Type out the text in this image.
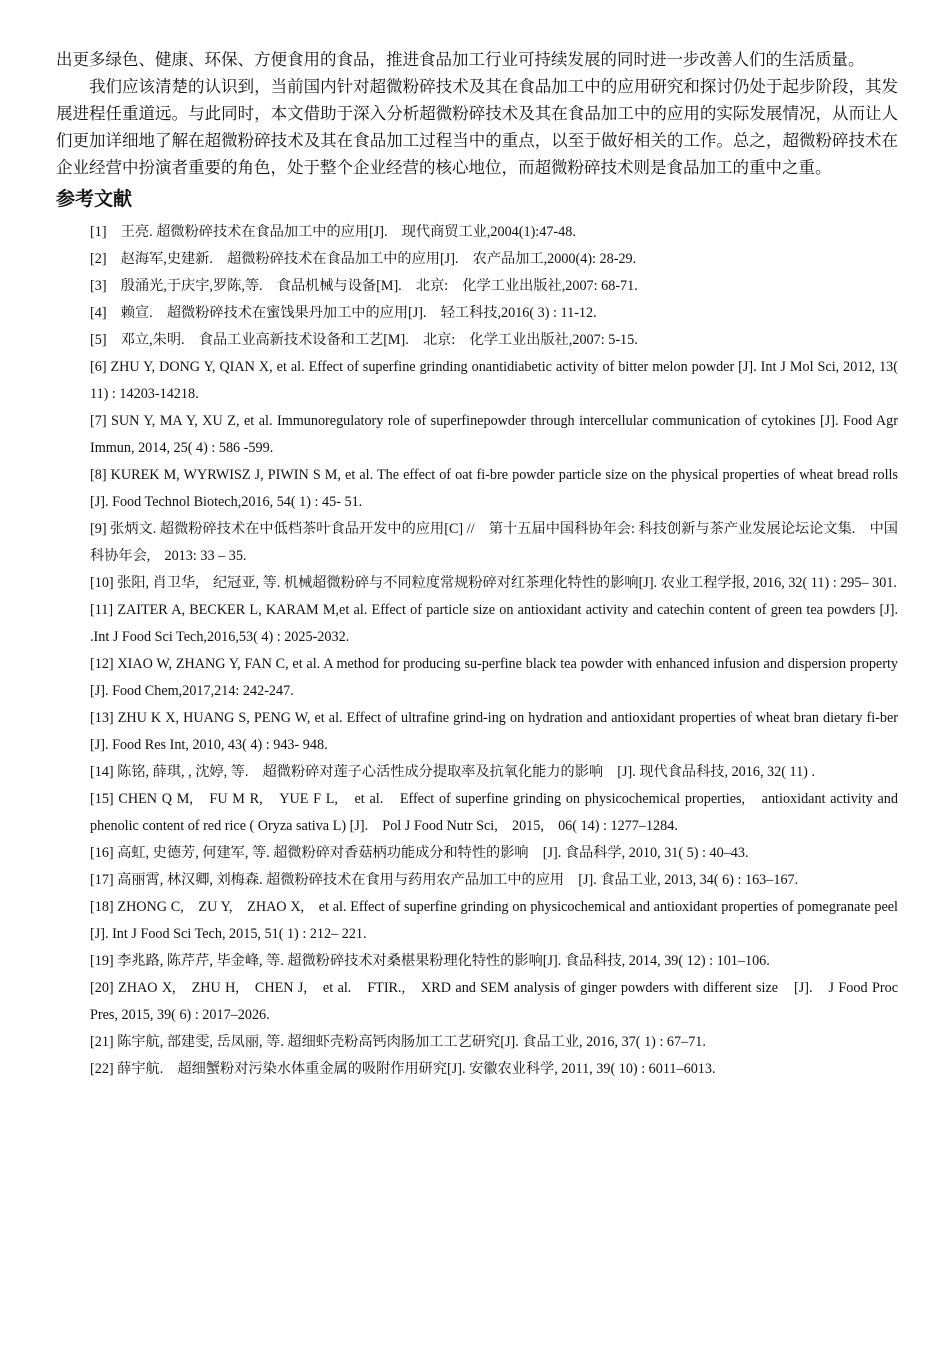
出更多绿色、健康、环保、方便食用的食品，推进食品加工行业可持续发展的同时进一步改善人们的生活质量。

我们应该清楚的认识到，当前国内针对超微粉碎技术及其在食品加工中的应用研究和探讨仍处于起步阶段，其发展进程任重道远。与此同时，本文借助于深入分析超微粉碎技术及其在食品加工中的应用的实际发展情况，从而让人们更加详细地了解在超微粉碎技术及其在食品加工过程当中的重点，以至于做好相关的工作。总之，超微粉碎技术在企业经营中扮演者重要的角色，处于整个企业经营的核心地位，而超微粉碎技术则是食品加工的重中之重。

参考文献
[1]　王亮. 超微粉碎技术在食品加工中的应用[J].　现代商贸工业,2004(1):47-48.
[2]　赵海军,史建新.　超微粉碎技术在食品加工中的应用[J].　农产品加工,2000(4): 28-29.
[3]　殷涌光,于庆宇,罗陈,等.　食品机械与设备[M].　北京:　化学工业出版社,2007: 68-71.
[4]　赖宣.　超微粉碎技术在蜜饯果丹加工中的应用[J].　轻工科技,2016( 3) : 11-12.
[5]　邓立,朱明.　食品工业高新技术设备和工艺[M].　北京:　化学工业出版社,2007: 5-15.
[6] ZHU Y, DONG Y, QIAN X, et al. Effect of superfine grinding onantidiabetic activity of bitter melon powder [J]. Int J Mol Sci, 2012, 13( 11) : 14203-14218.
[7] SUN Y, MA Y, XU Z, et al. Immunoregulatory role of superfinepowder through intercellular communication of cytokines [J]. Food Agr Immun, 2014, 25( 4) : 586 -599.
[8] KUREK M, WYRWISZ J, PIWIN S M, et al. The effect of oat fi-bre powder particle size on the physical properties of wheat bread rolls [J]. Food Technol Biotech,2016, 54( 1) : 45- 51.
[9] 张炳文. 超微粉碎技术在中低档茶叶食品开发中的应用[C] //　第十五届中国科协年会: 科技创新与茶产业发展论坛论文集.　中国科协年会,　2013: 33 – 35.
[10] 张阳, 肖卫华,　纪冠亚, 等. 机械超微粉碎与不同粒度常规粉碎对红茶理化特性的影响[J]. 农业工程学报, 2016, 32( 11) : 295– 301.
[11] ZAITER A, BECKER L, KARAM M,et al. Effect of particle size on antioxidant activity and catechin content of green tea powders [J]. .Int J Food Sci Tech,2016,53( 4) : 2025-2032.
[12] XIAO W, ZHANG Y, FAN C, et al. A method for producing su-perfine black tea powder with enhanced infusion and dispersion property [J]. Food Chem,2017,214: 242-247.
[13] ZHU K X, HUANG S, PENG W, et al. Effect of ultrafine grind-ing on hydration and antioxidant properties of wheat bran dietary fi-ber [J]. Food Res Int, 2010, 43( 4) : 943- 948.
[14] 陈铭, 薛琪, , 沈婷, 等.　超微粉碎对莲子心活性成分提取率及抗氧化能力的影响　[J]. 现代食品科技, 2016, 32( 11) .
[15] CHEN Q M,　FU M R,　YUE F L,　et al.　Effect of superfine grinding on physicochemical properties,　antioxidant activity and phenolic content of red rice ( Oryza sativa L) [J].　Pol J Food Nutr Sci,　2015,　06( 14) : 1277–1284.
[16] 高虹, 史德芳, 何建军, 等. 超微粉碎对香菇柄功能成分和特性的影响　[J]. 食品科学, 2010, 31( 5) : 40–43.
[17] 高丽霄, 林汉卿, 刘梅森. 超微粉碎技术在食用与药用农产品加工中的应用　[J]. 食品工业, 2013, 34( 6) : 163–167.
[18] ZHONG C,　ZU Y,　ZHAO X,　et al. Effect of superfine grinding on physicochemical and antioxidant properties of pomegranate peel　[J]. Int J Food Sci Tech, 2015, 51( 1) : 212– 221.
[19] 李兆路, 陈芹芹, 毕金峰, 等. 超微粉碎技术对桑椹果粉理化特性的影响[J]. 食品科技, 2014, 39( 12) : 101–106.
[20] ZHAO X,　ZHU H,　CHEN J,　et al.　FTIR.,　XRD and SEM analysis of ginger powders with different size　[J].　J Food Proc Pres, 2015, 39( 6) : 2017–2026.
[21] 陈宇航, 部建雯, 岳凤丽, 等. 超细虾壳粉高钙肉肠加工工艺研究[J]. 食品工业, 2016, 37( 1) : 67–71.
[22] 薛宇航.　超细蟹粉对污染水体重金属的吸附作用研究[J]. 安徽农业科学, 2011, 39( 10) : 6011–6013.
